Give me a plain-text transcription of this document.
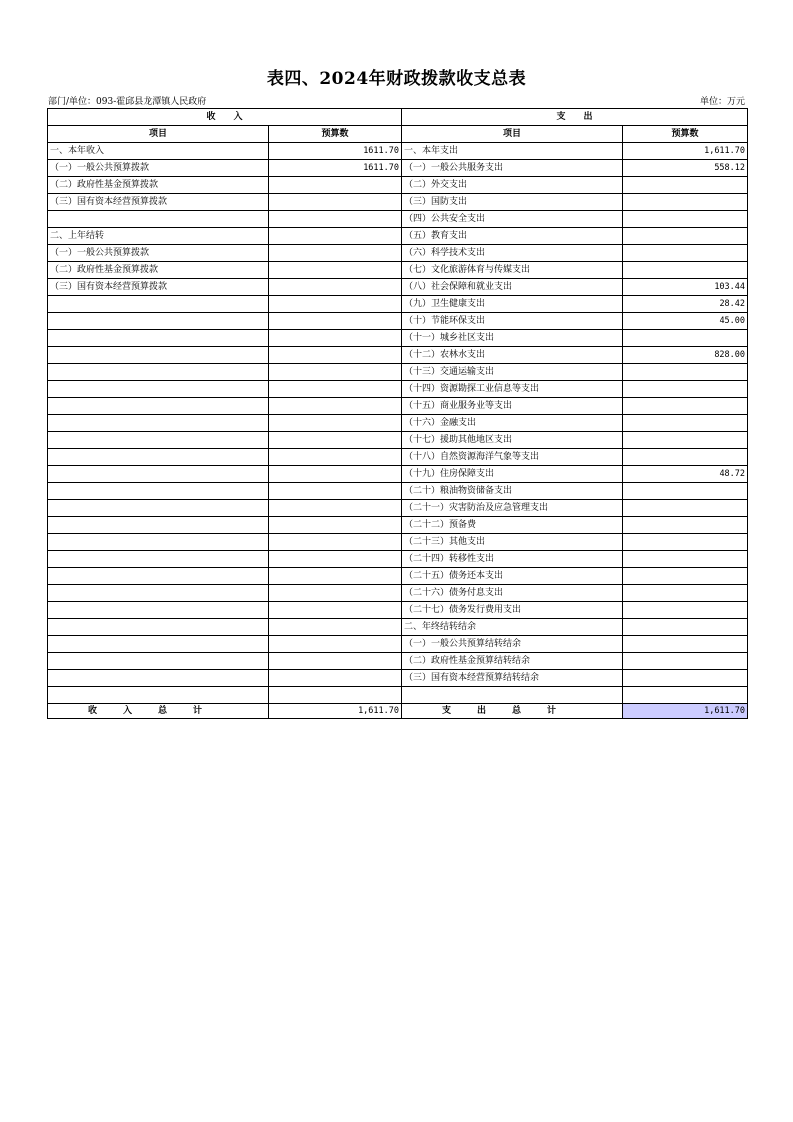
表四、2024年财政拨款收支总表
部门/单位：093-霍邱县龙潭镇人民政府	单位：万元
收　　入		支　　出	
项目	预算数	项目	预算数
一、本年收入	1611.70	一、本年支出	1,611.70
（一）一般公共预算拨款	1611.70	（一）一般公共服务支出	558.12
（二）政府性基金预算拨款		（二）外交支出	
（三）国有资本经营预算拨款		（三）国防支出	
		（四）公共安全支出	
二、上年结转		（五）教育支出	
（一）一般公共预算拨款		（六）科学技术支出	
（二）政府性基金预算拨款		（七）文化旅游体育与传媒支出	
（三）国有资本经营预算拨款		（八）社会保障和就业支出	103.44
		（九）卫生健康支出	28.42
		（十）节能环保支出	45.00
		（十一）城乡社区支出	
		（十二）农林水支出	828.00
		（十三）交通运输支出	
		（十四）资源勘探工业信息等支出	
		（十五）商业服务业等支出	
		（十六）金融支出	
		（十七）援助其他地区支出	
		（十八）自然资源海洋气象等支出	
		（十九）住房保障支出	48.72
		（二十）粮油物资储备支出	
		（二十一）灾害防治及应急管理支出	
		（二十二）预备费	
		（二十三）其他支出	
		（二十四）转移性支出	
		（二十五）债务还本支出	
		（二十六）债务付息支出	
		（二十七）债务发行费用支出	
		二、年终结转结余	
		（一）一般公共预算结转结余	
		（二）政府性基金预算结转结余	
		（三）国有资本经营预算结转结余	

收入总计	1,611.70	支出总计	1,611.70
